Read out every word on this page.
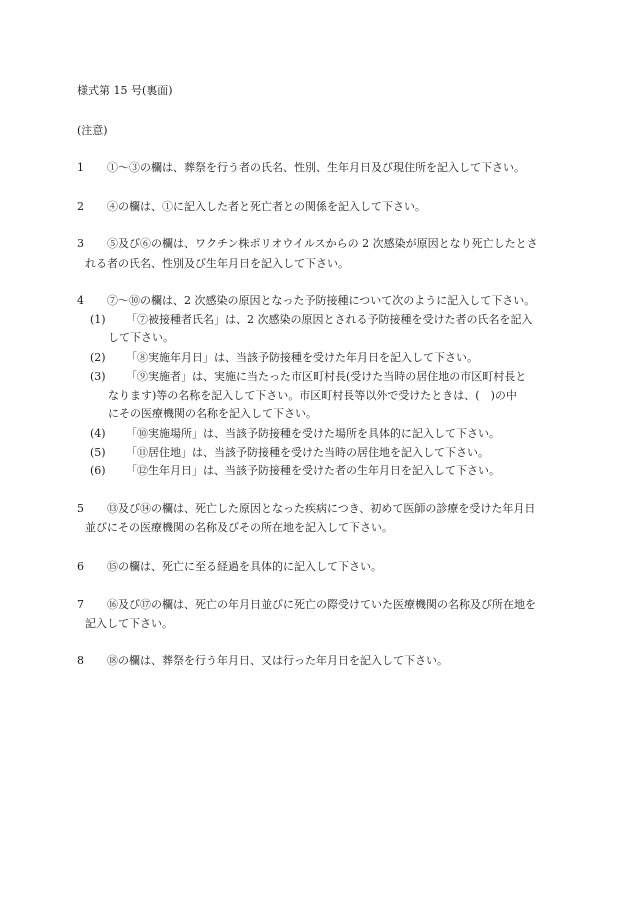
様式第 15 号(裏面)
(注意)
1 ①〜③の欄は、葬祭を行う者の氏名、性別、生年月日及び現住所を記入して下さい。
2 ④の欄は、①に記入した者と死亡者との関係を記入して下さい。
3 ⑤及び⑥の欄は、ワクチン株ポリオウイルスからの 2 次感染が原因となり死亡したとさ
れる者の氏名、性別及び生年月日を記入して下さい。
4 ⑦〜⑩の欄は、2 次感染の原因となった予防接種について次のように記入して下さい。
(1) 「⑦被接種者氏名」は、2 次感染の原因とされる予防接種を受けた者の氏名を記入
して下さい。
(2) 「⑧実施年月日」は、当該予防接種を受けた年月日を記入して下さい。
(3) 「⑨実施者」は、実施に当たった市区町村長(受けた当時の居住地の市区町村長と
なります)等の名称を記入して下さい。市区町村長等以外で受けたときは、(　)の中
にその医療機関の名称を記入して下さい。
(4) 「⑩実施場所」は、当該予防接種を受けた場所を具体的に記入して下さい。
(5) 「⑪居住地」は、当該予防接種を受けた当時の居住地を記入して下さい。
(6) 「⑫生年月日」は、当該予防接種を受けた者の生年月日を記入して下さい。
5 ⑬及び⑭の欄は、死亡した原因となった疾病につき、初めて医師の診療を受けた年月日
並びにその医療機関の名称及びその所在地を記入して下さい。
6 ⑮の欄は、死亡に至る経過を具体的に記入して下さい。
7 ⑯及び⑰の欄は、死亡の年月日並びに死亡の際受けていた医療機関の名称及び所在地を
記入して下さい。
8 ⑱の欄は、葬祭を行う年月日、又は行った年月日を記入して下さい。
